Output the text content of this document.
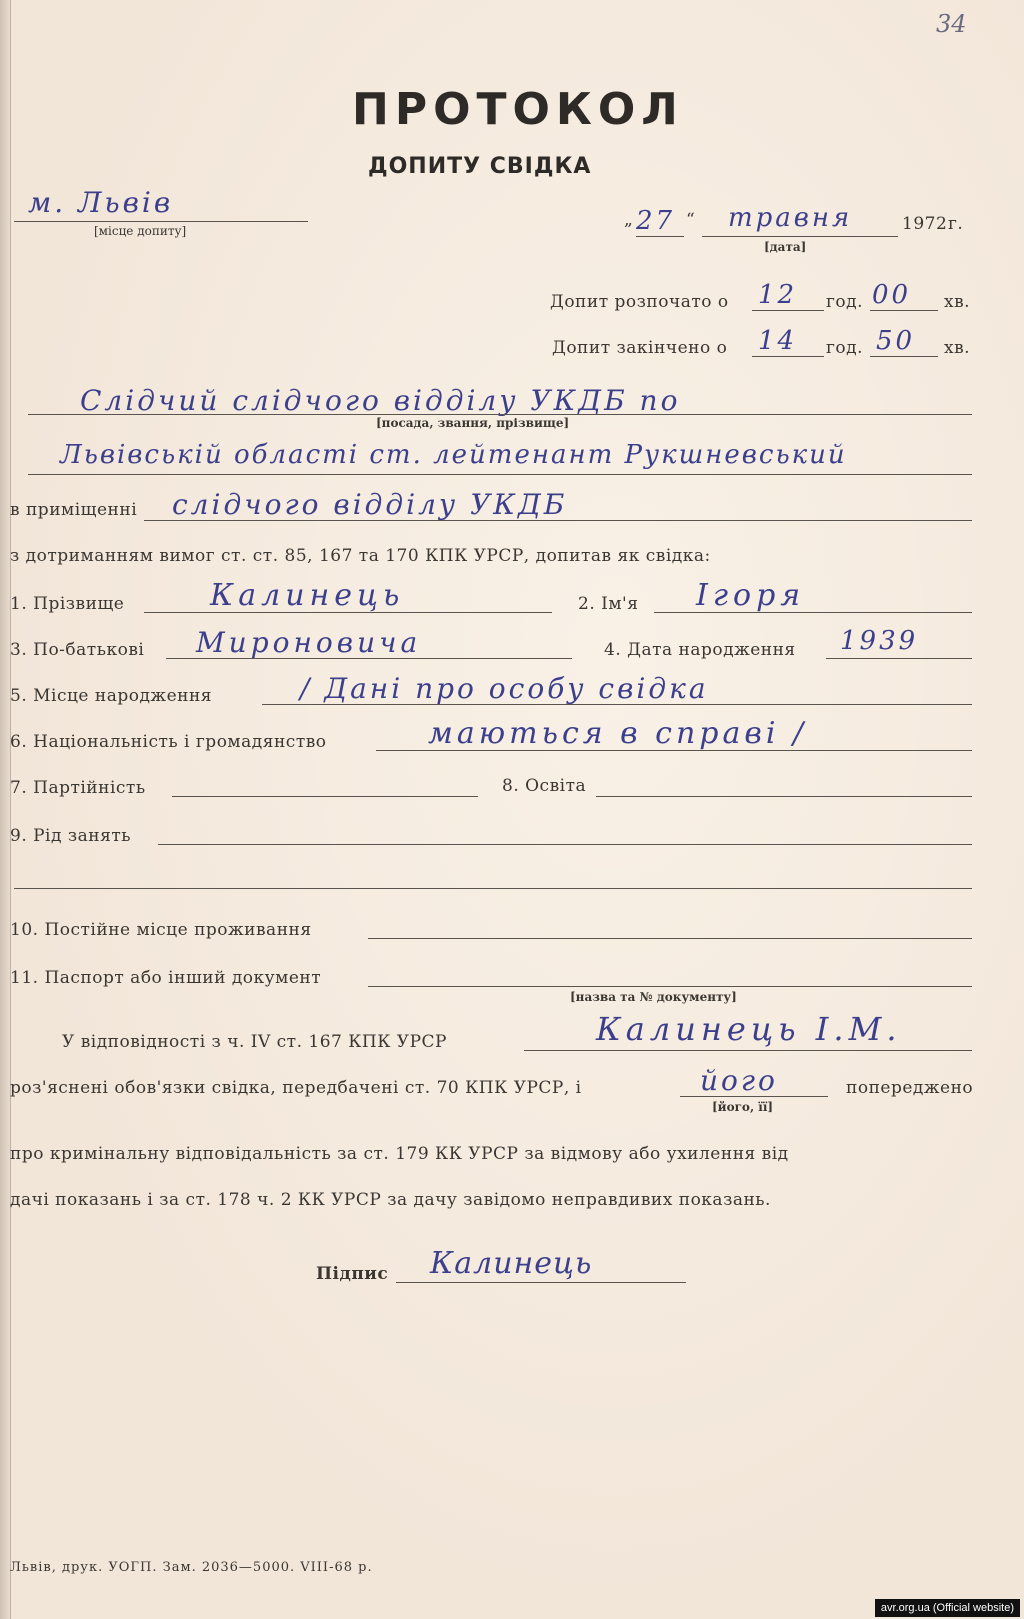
34
ПРОТОКОЛ
ДОПИТУ СВІДКА
м. Львів
[місце допиту]
„ 27 “ травня	1972 г.
[дата]
Допит розпочато о 12 год. 00 хв.
Допит закінчено о 14 год. 50 хв.
Слідчий слідчого відділу УКДБ по
[посада, звання, прізвище]
Львівській області ст. лейтенант Рукшневський
в приміщенні слідчого відділу УКДБ
з дотриманням вимог ст. ст. 85, 167 та 170 КПК УРСР, допитав як свідка:
1. Прізвище	Калинець	2. Ім'я Ігоря
3. По-батькові Мироновича	4. Дата народження 1939
5. Місце народження	/ Дані про особу свідка
6. Національність і громадянство	маються в справі /
7. Партійність	8. Освіта
9. Рід занять
10. Постійне місце проживання
11. Паспорт або інший документ
[назва та № документу]
У відповідності з ч. IV ст. 167 КПК УРСР	Калинець І.М.
роз'яснені обов'язки свідка, передбачені ст. 70 КПК УРСР, і	його	попереджено
[його, її]
про кримінальну відповідальність за ст. 179 КК УРСР за відмову або ухилення від
дачі показань і за ст. 178 ч. 2 КК УРСР за дачу завідомо неправдивих показань.
Підпис Калинець
Львів, друк. УОГП. Зам. 2036—5000. VIII-68 р.
avr.org.ua (Official website)
